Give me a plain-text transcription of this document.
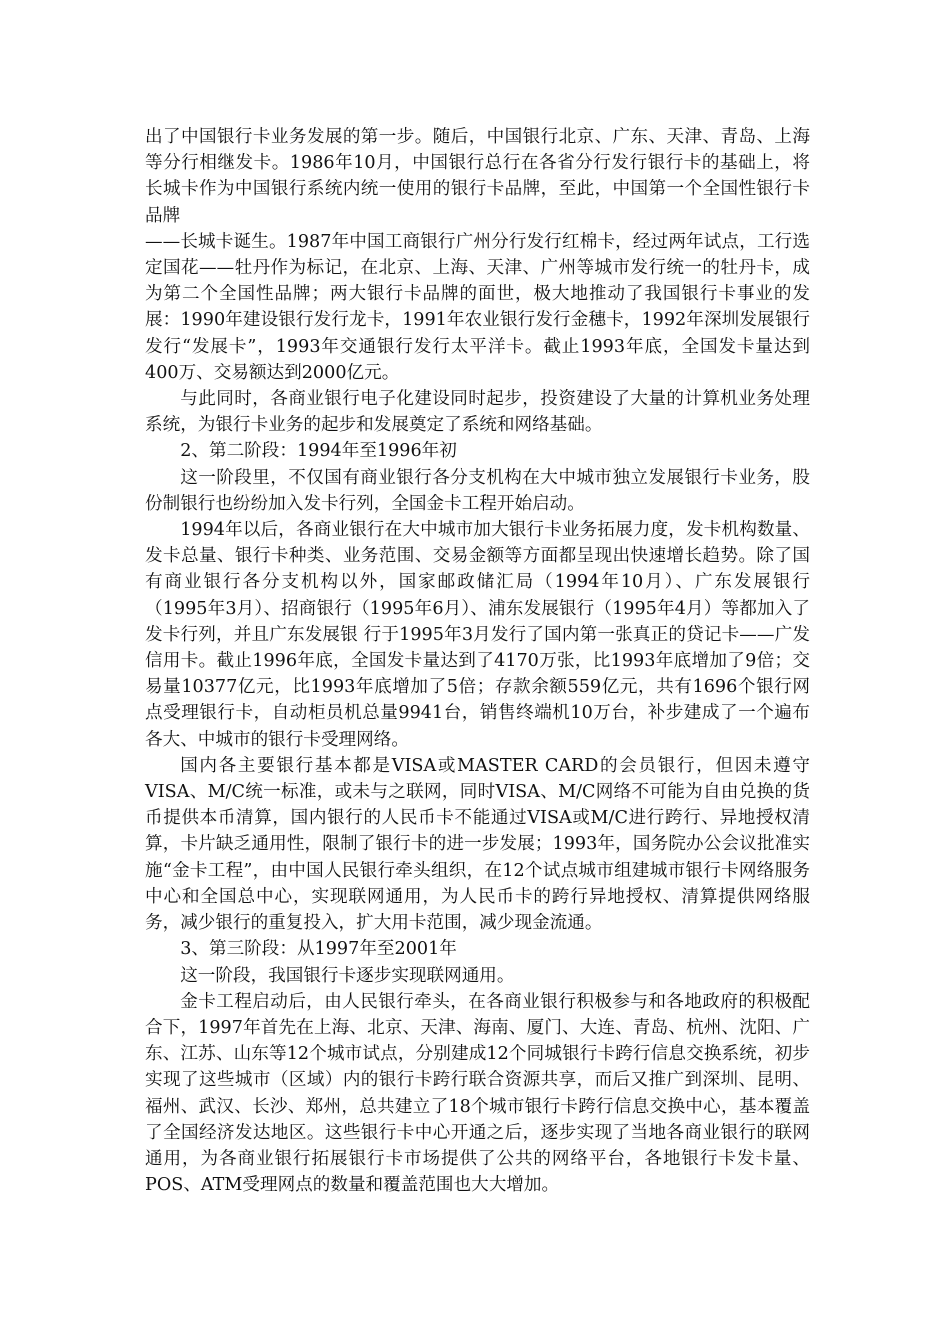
出了中国银行卡业务发展的第一步。随后，中国银行北京、广东、天津、青岛、上海等分行相继发卡。1986年10月，中国银行总行在各省分行发行银行卡的基础上，将长城卡作为中国银行系统内统一使用的银行卡品牌，至此，中国第一个全国性银行卡品牌

——长城卡诞生。1987年中国工商银行广州分行发行红棉卡，经过两年试点，工行选定国花——牡丹作为标记，在北京、上海、天津、广州等城市发行统一的牡丹卡，成为第二个全国性品牌；两大银行卡品牌的面世，极大地推动了我国银行卡事业的发展：1990年建设银行发行龙卡，1991年农业银行发行金穗卡，1992年深圳发展银行发行“发展卡”，1993年交通银行发行太平洋卡。截止1993年底，全国发卡量达到400万、交易额达到2000亿元。

与此同时，各商业银行电子化建设同时起步，投资建设了大量的计算机业务处理系统，为银行卡业务的起步和发展奠定了系统和网络基础。

2、第二阶段：1994年至1996年初

这一阶段里，不仅国有商业银行各分支机构在大中城市独立发展银行卡业务，股份制银行也纷纷加入发卡行列，全国金卡工程开始启动。

1994年以后，各商业银行在大中城市加大银行卡业务拓展力度，发卡机构数量、发卡总量、银行卡种类、业务范围、交易金额等方面都呈现出快速增长趋势。除了国有商业银行各分支机构以外，国家邮政储汇局（1994年10月）、广东发展银行（1995年3月）、招商银行（1995年6月）、浦东发展银行（1995年4月）等都加入了发卡行列，并且广东发展银 行于1995年3月发行了国内第一张真正的贷记卡——广发信用卡。截止1996年底，全国发卡量达到了4170万张，比1993年底增加了9倍；交易量10377亿元，比1993年底增加了5倍；存款余额559亿元，共有1696个银行网点受理银行卡，自动柜员机总量9941台，销售终端机10万台，补步建成了一个遍布各大、中城市的银行卡受理网络。

国内各主要银行基本都是VISA或MASTER CARD的会员银行，但因未遵守VISA、M/C统一标准，或未与之联网，同时VISA、M/C网络不可能为自由兑换的货币提供本币清算，国内银行的人民币卡不能通过VISA或M/C进行跨行、异地授权清算，卡片缺乏通用性，限制了银行卡的进一步发展；1993年，国务院办公会议批准实施“金卡工程”，由中国人民银行牵头组织，在12个试点城市组建城市银行卡网络服务中心和全国总中心，实现联网通用，为人民币卡的跨行异地授权、清算提供网络服务，减少银行的重复投入，扩大用卡范围，减少现金流通。

3、第三阶段：从1997年至2001年

这一阶段，我国银行卡逐步实现联网通用。

金卡工程启动后，由人民银行牵头，在各商业银行积极参与和各地政府的积极配合下，1997年首先在上海、北京、天津、海南、厦门、大连、青岛、杭州、沈阳、广东、江苏、山东等12个城市试点，分别建成12个同城银行卡跨行信息交换系统，初步实现了这些城市（区域）内的银行卡跨行联合资源共享，而后又推广到深圳、昆明、福州、武汉、长沙、郑州，总共建立了18个城市银行卡跨行信息交换中心，基本覆盖了全国经济发达地区。这些银行卡中心开通之后，逐步实现了当地各商业银行的联网通用，为各商业银行拓展银行卡市场提供了公共的网络平台，各地银行卡发卡量、POS、ATM受理网点的数量和覆盖范围也大大增加。
